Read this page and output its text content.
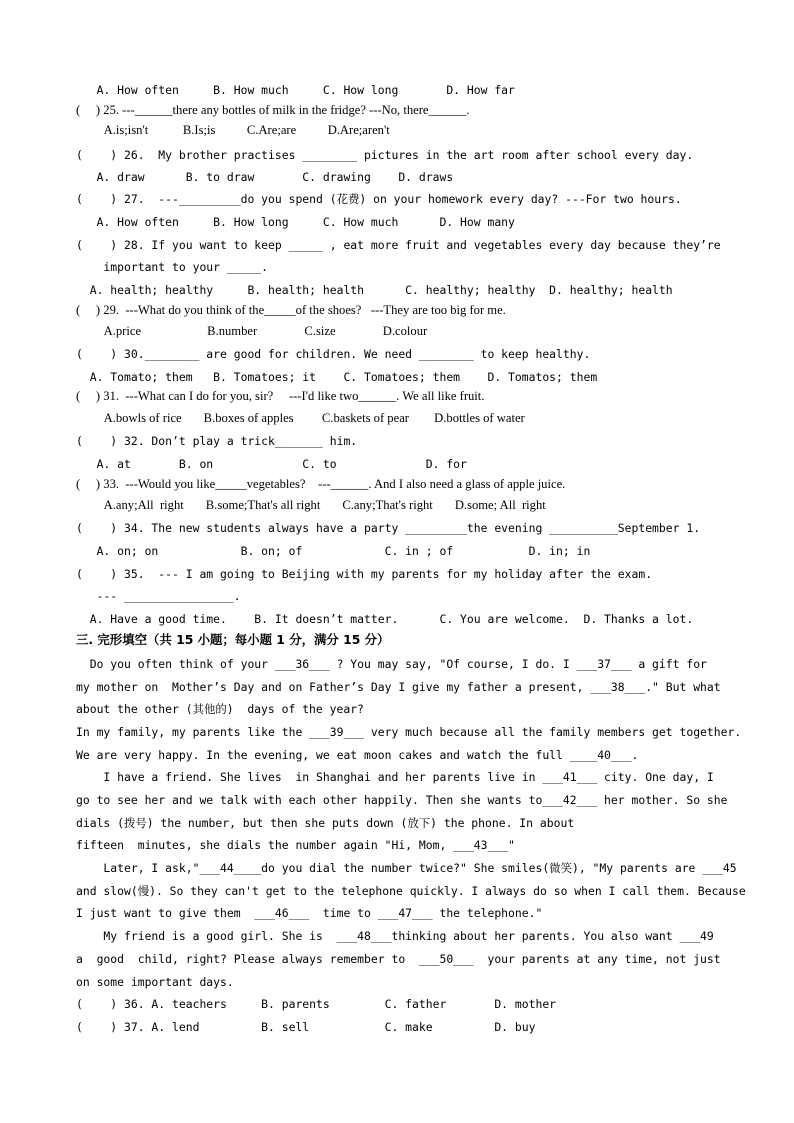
A. How often     B. How much     C. How long       D. How far
(     ) 25. ---______there any bottles of milk in the fridge? ---No, there______.
A.is;isn't           B.Is;is          C.Are;are          D.Are;aren't
(    ) 26.  My brother practises ________ pictures in the art room after school every day.
A. draw      B. to draw       C. drawing    D. draws
(    ) 27.  ---_________do you spend (花费) on your homework every day? ---For two hours.
A. How often     B. How long     C. How much      D. How many
(    ) 28. If you want to keep _____ , eat more fruit and vegetables every day because they’re
important to your _____.
A. health; healthy     B. health; health      C. healthy; healthy  D. healthy; health
(     ) 29.  ---What do you think of the_____of the shoes?   ---They are too big for me.
A.price                     B.number               C.size               D.colour
(    ) 30.________ are good for children. We need ________ to keep healthy.
A. Tomato; them   B. Tomatoes; it    C. Tomatoes; them    D. Tomatos; them
(     ) 31.  ---What can I do for you, sir?     ---I'd like two______. We all like fruit.
A.bowls of rice       B.boxes of apples         C.baskets of pear        D.bottles of water
(    ) 32. Don’t play a trick_______ him.
A. at       B. on             C. to             D. for
(     ) 33.  ---Would you like_____vegetables?    ---______. And I also need a glass of apple juice.
A.any;All  right       B.some;That's all right       C.any;That's right       D.some; All  right
(    ) 34. The new students always have a party _________the evening __________September 1.
A. on; on            B. on; of            C. in ; of           D. in; in
(    ) 35.  --- I am going to Beijing with my parents for my holiday after the exam.
--- ________________.
A. Have a good time.    B. It doesn’t matter.      C. You are welcome.  D. Thanks a lot.
三. 完形填空（共 15 小题；每小题 1 分，满分 15 分）
Do you often think of your ___36___ ? You may say, "Of course, I do. I ___37___ a gift for
my mother on  Mother’s Day and on Father’s Day I give my father a present, ___38___." But what
about the other (其他的)  days of the year?
In my family, my parents like the ___39___ very much because all the family members get together.
We are very happy. In the evening, we eat moon cakes and watch the full ____40___.
I have a friend. She lives  in Shanghai and her parents live in ___41___ city. One day, I
go to see her and we talk with each other happily. Then she wants to___42___ her mother. So she
dials (拨号) the number, but then she puts down (放下) the phone. In about
fifteen  minutes, she dials the number again "Hi, Mom, ___43___"
Later, I ask,"___44____do you dial the number twice?" She smiles(微笑), "My parents are ___45
and slow(慢). So they can't get to the telephone quickly. I always do so when I call them. Because
I just want to give them  ___46___  time to ___47___ the telephone."
My friend is a good girl. She is  ___48___thinking about her parents. You also want ___49
a  good  child, right? Please always remember to  ___50___  your parents at any time, not just
on some important days.
(    ) 36. A. teachers     B. parents        C. father       D. mother
(    ) 37. A. lend         B. sell           C. make         D. buy
